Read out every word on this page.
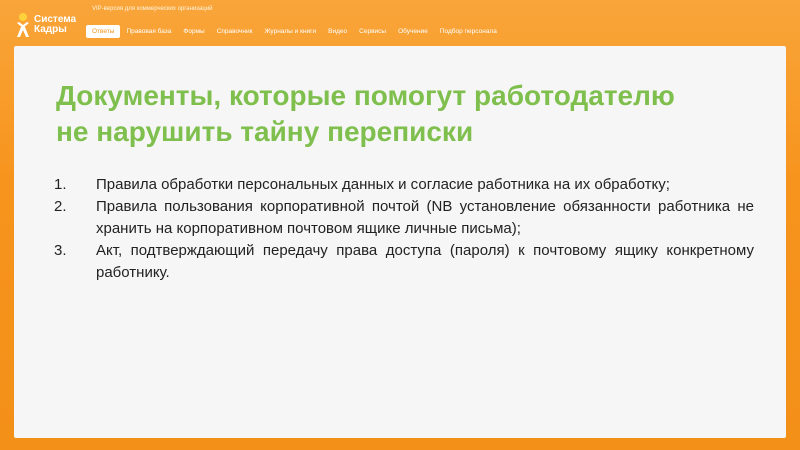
Система
Кадры
VIP-версия для коммерческих организаций
Ответы	Правовая база	Формы	Справочник	Журналы и книги	Видео	Сервисы	Обучение	Подбор персонала
Документы, которые помогут работодателю
не нарушить тайну переписки
1. Правила обработки персональных данных и согласие работника на их обработку;
2. Правила пользования корпоративной почтой (NB установление обязанности работника не хранить на корпоративном почтовом ящике личные письма);
3. Акт, подтверждающий передачу права доступа (пароля) к почтовому ящику конкретному работнику.
